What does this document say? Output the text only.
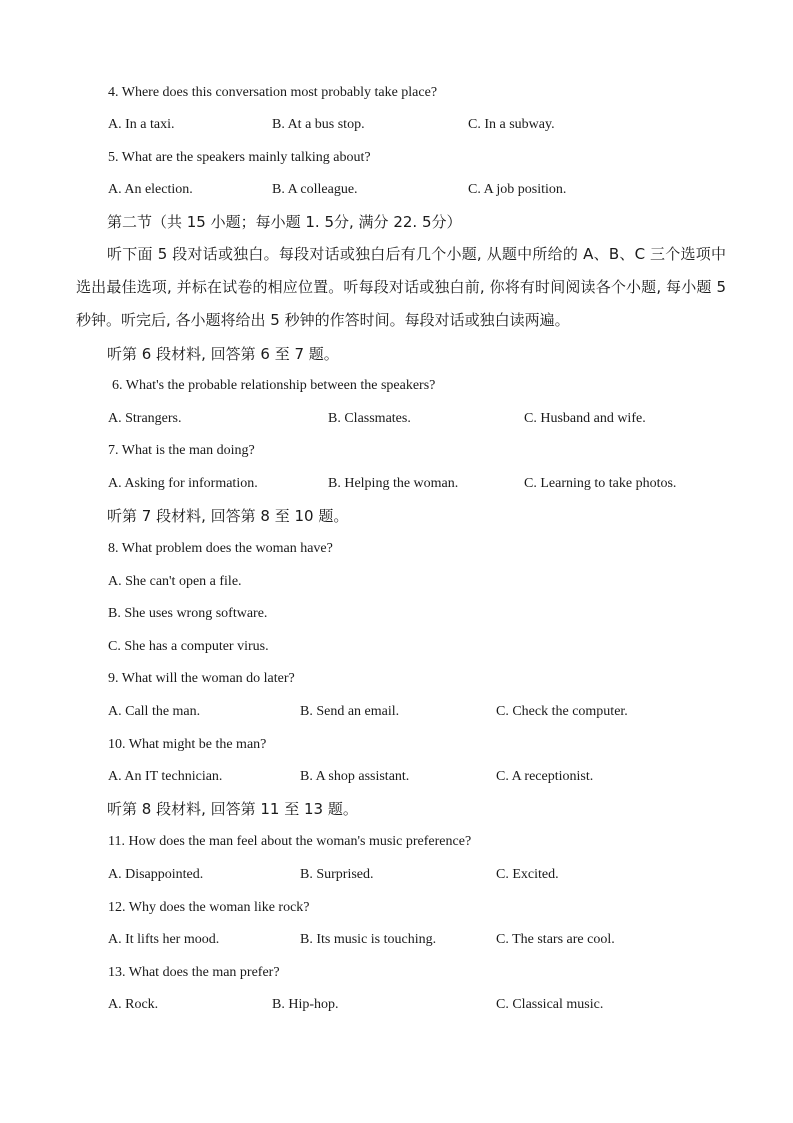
4. Where does this conversation most probably take place?
A. In a taxi.	B. At a bus stop.	C. In a subway.
5. What are the speakers mainly talking about?
A. An election.	B. A colleague.	C. A job position.
第二节（共 15 小题；每小题 1. 5分, 满分 22. 5分）
听下面 5 段对话或独白。每段对话或独白后有几个小题, 从题中所给的 A、B、C 三个选项中选出最佳选项, 并标在试卷的相应位置。听每段对话或独白前, 你将有时间阅读各个小题, 每小题 5 秒钟。听完后, 各小题将给出 5 秒钟的作答时间。每段对话或独白读两遍。
听第 6 段材料, 回答第 6 至 7 题。
6. What's the probable relationship between the speakers?
A. Strangers.	B. Classmates.	C. Husband and wife.
7. What is the man doing?
A. Asking for information.	B. Helping the woman.	C. Learning to take photos.
听第 7 段材料, 回答第 8 至 10 题。
8. What problem does the woman have?
A. She can't open a file.
B. She uses wrong software.
C. She has a computer virus.
9. What will the woman do later?
A. Call the man.	B. Send an email.	C. Check the computer.
10. What might be the man?
A. An IT technician.	B. A shop assistant.	C. A receptionist.
听第 8 段材料, 回答第 11 至 13 题。
11. How does the man feel about the woman's music preference?
A. Disappointed.	B. Surprised.	C. Excited.
12. Why does the woman like rock?
A. It lifts her mood.	B. Its music is touching.	C. The stars are cool.
13. What does the man prefer?
A. Rock.	B. Hip-hop.	C. Classical music.
